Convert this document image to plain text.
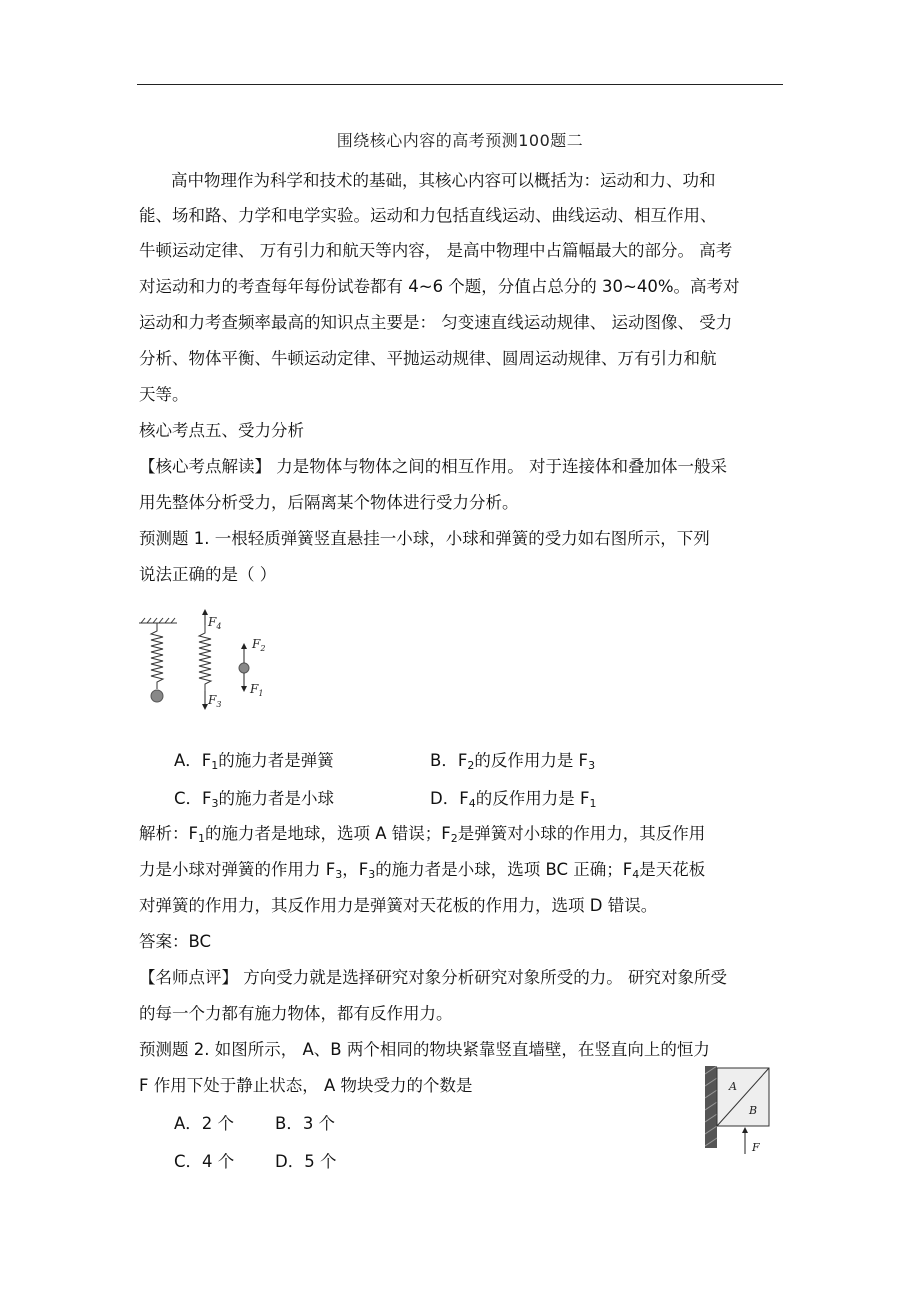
围绕核心内容的高考预测100题二
高中物理作为科学和技术的基础，其核心内容可以概括为：运动和力、功和
能、场和路、力学和电学实验。运动和力包括直线运动、曲线运动、相互作用、
牛顿运动定律、 万有引力和航天等内容， 是高中物理中占篇幅最大的部分。 高考
对运动和力的考查每年每份试卷都有 4~6 个题，分值占总分的 30~40%。高考对
运动和力考查频率最高的知识点主要是： 匀变速直线运动规律、 运动图像、 受力
分析、物体平衡、牛顿运动定律、平抛运动规律、圆周运动规律、万有引力和航
天等。
核心考点五、受力分析
【核心考点解读】 力是物体与物体之间的相互作用。 对于连接体和叠加体一般采
用先整体分析受力，后隔离某个物体进行受力分析。
预测题 1. 一根轻质弹簧竖直悬挂一小球，小球和弹簧的受力如右图所示，下列
说法正确的是（ ）
$F_4$
$F_2$
$F_3$
$F_1$
A．$F_1$的施力者是弹簧	B．$F_2$的反作用力是 $F_3$
C．$F_3$的施力者是小球	D．$F_4$的反作用力是 $F_1$
解析：$F_1$的施力者是地球，选项 A 错误；$F_2$是弹簧对小球的作用力，其反作用
力是小球对弹簧的作用力 $F_3$，$F_3$的施力者是小球，选项 BC 正确；$F_4$是天花板
对弹簧的作用力，其反作用力是弹簧对天花板的作用力，选项 D 错误。
答案：BC
【名师点评】 方向受力就是选择研究对象分析研究对象所受的力。 研究对象所受
的每一个力都有施力物体，都有反作用力。
预测题 2. 如图所示， A、B 两个相同的物块紧靠竖直墙壁，在竖直向上的恒力
F 作用下处于静止状态， A 物块受力的个数是
A．2 个 B．3 个
C．4 个 D．5 个
A
B
F
